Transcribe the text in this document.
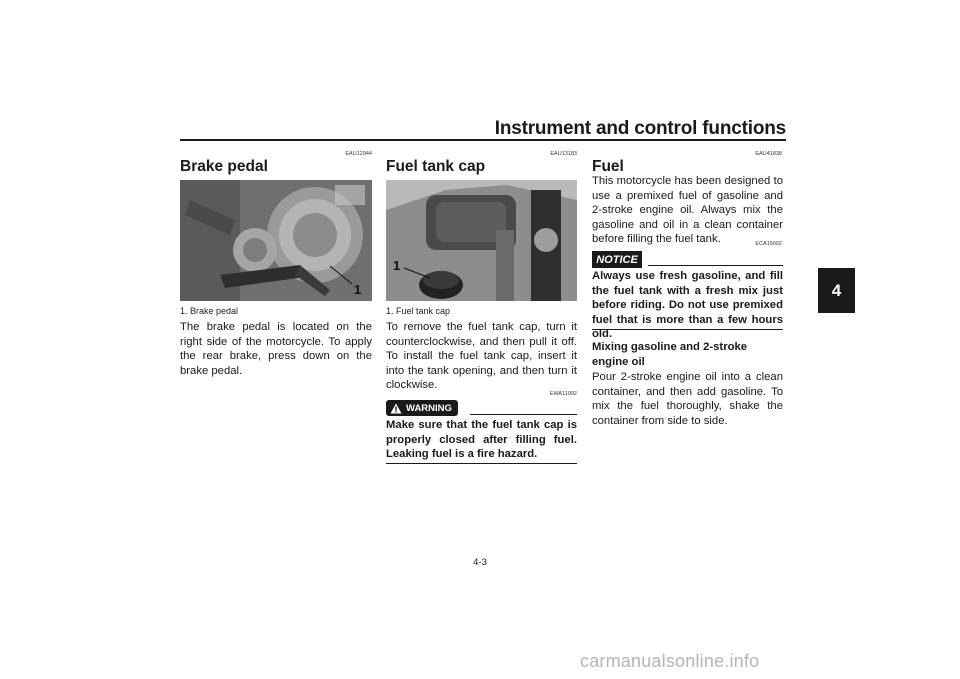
Instrument and control functions
4
EAU12944
Brake pedal
1
1. Brake pedal
The brake pedal is located on the right side of the motorcycle. To apply the rear brake, press down on the brake pedal.
EAU13183
Fuel tank cap
1
1. Fuel tank cap
To remove the fuel tank cap, turn it counterclockwise, and then pull it off. To install the fuel tank cap, insert it into the tank opening, and then turn it clockwise.
EWA11092
WARNING
Make sure that the fuel tank cap is properly closed after filling fuel. Leaking fuel is a fire hazard.
EAU41838
Fuel
This motorcycle has been designed to use a premixed fuel of gasoline and 2-stroke engine oil. Always mix the gasoline and oil in a clean container before filling the fuel tank.	ECA15602
NOTICE
Always use fresh gasoline, and fill the fuel tank with a fresh mix just before riding. Do not use premixed fuel that is more than a few hours old.
Mixing gasoline and 2-stroke engine oil
Pour 2-stroke engine oil into a clean container, and then add gasoline. To mix the fuel thoroughly, shake the container from side to side.
4-3
carmanualsonline.info
